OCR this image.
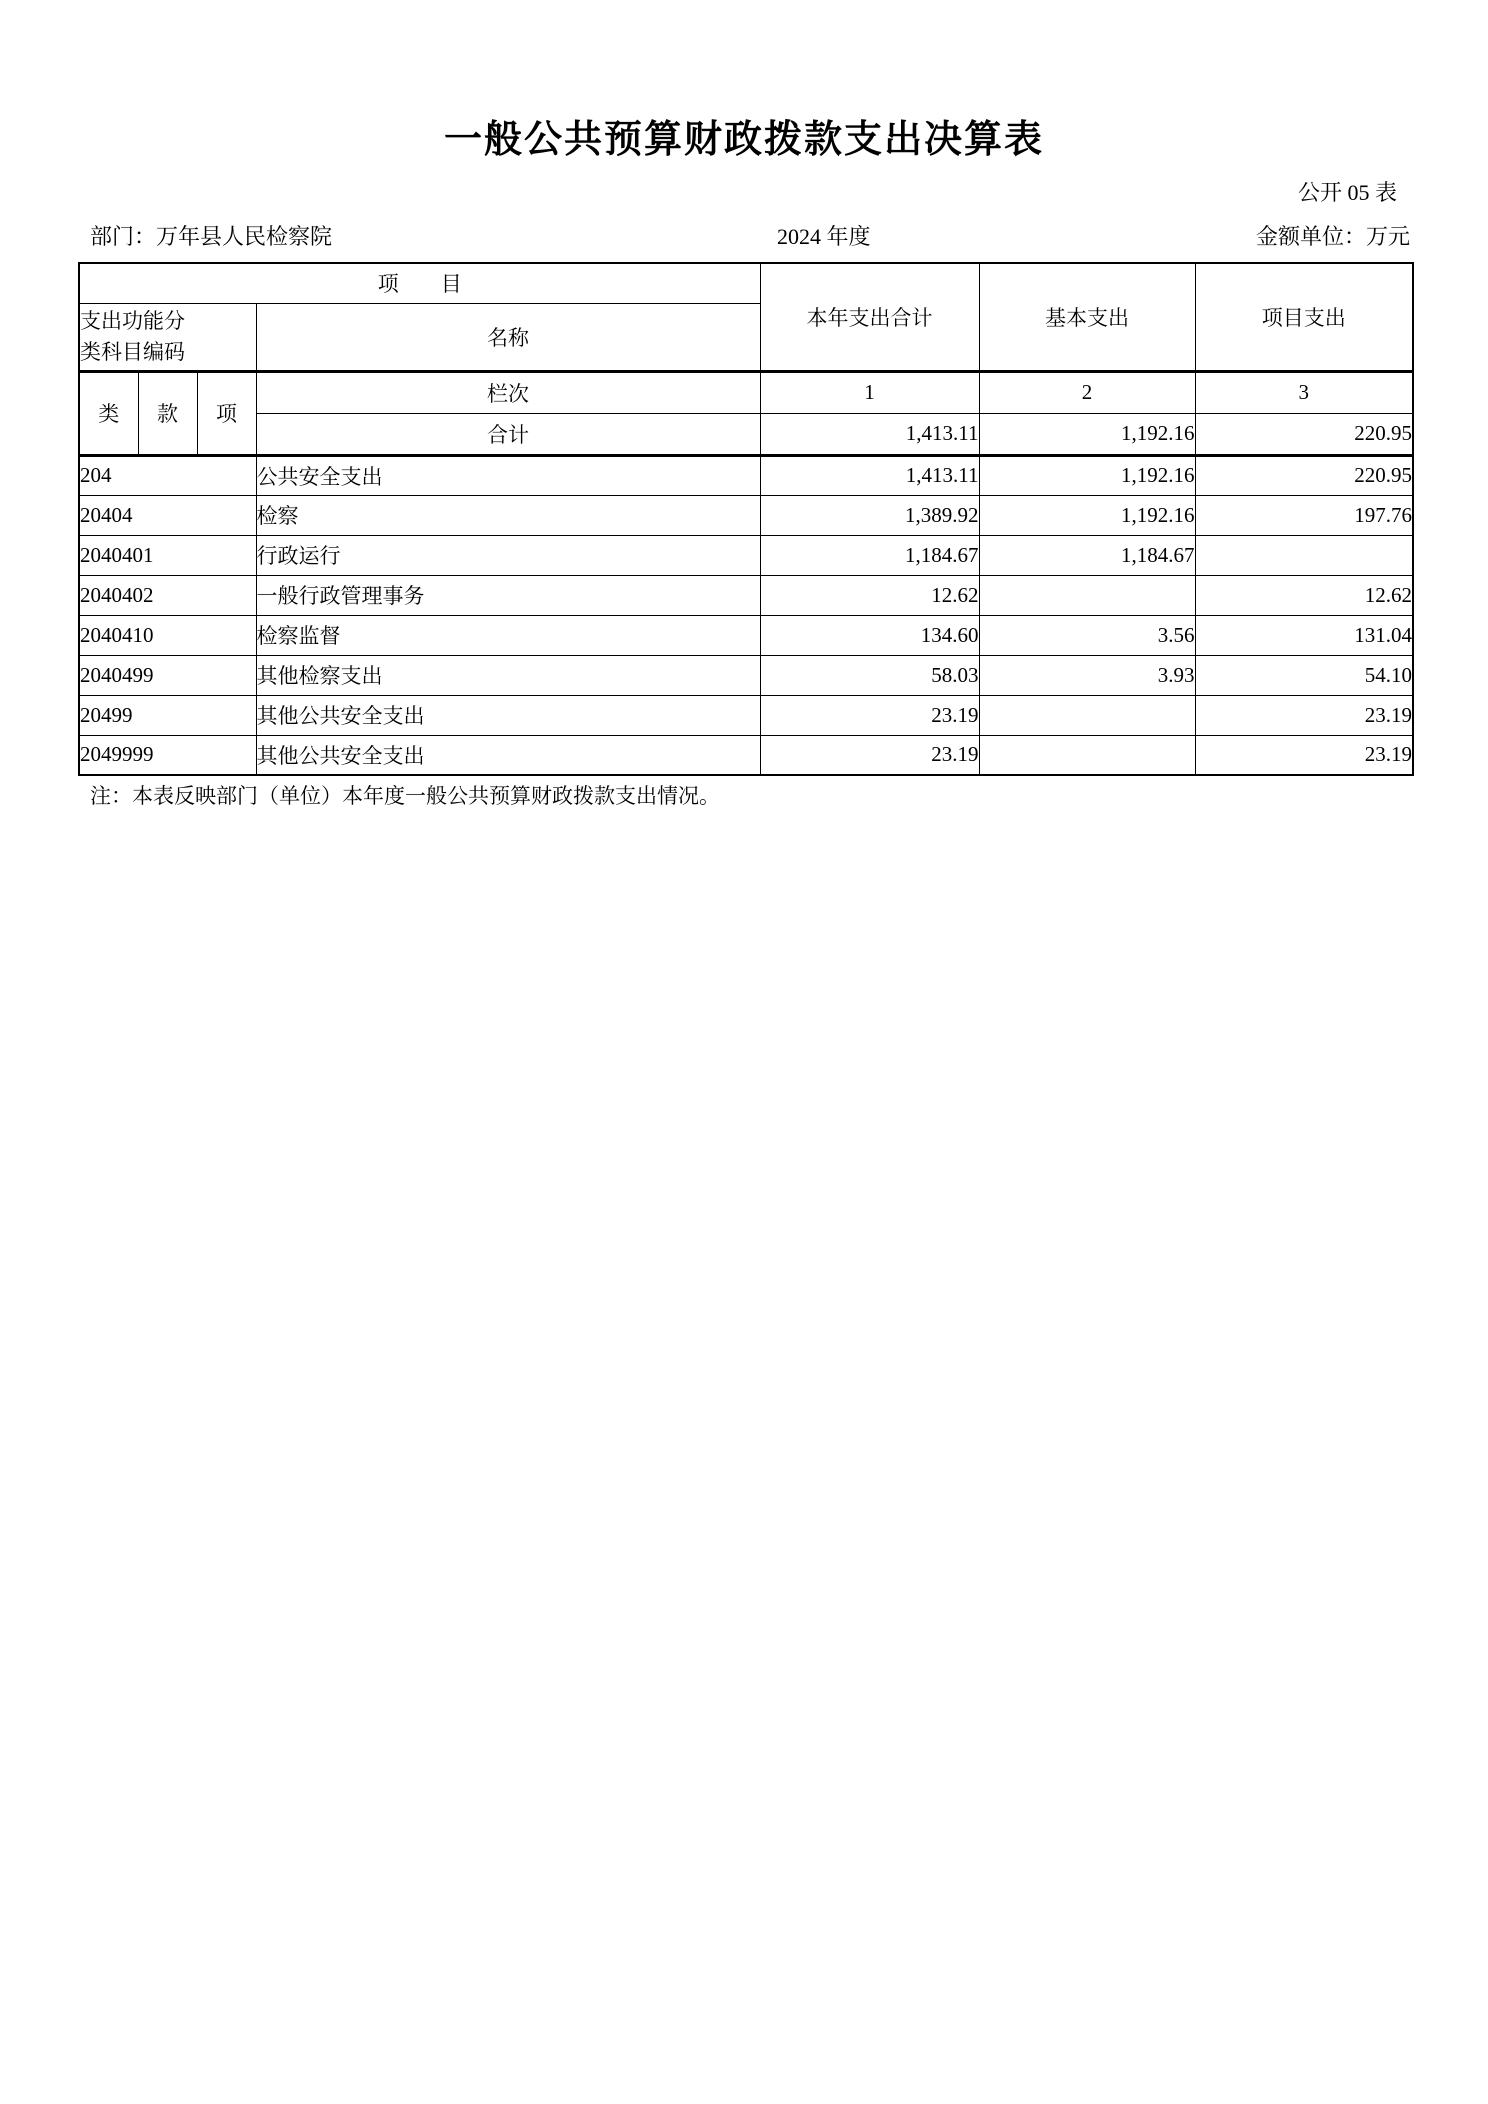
一般公共预算财政拨款支出决算表
公开 05 表
部门：万年县人民检察院	2024 年度	金额单位：万元
项　　目				本年支出合计	基本支出	项目支出
支出功能分
类科目编码			名称			
类	款	项	栏次	1	2	3
			合计	1,413.11	1,192.16	220.95
204			公共安全支出	1,413.11	1,192.16	220.95
20404			检察	1,389.92	1,192.16	197.76
2040401			行政运行	1,184.67	1,184.67	
2040402			一般行政管理事务	12.62		12.62
2040410			检察监督	134.60	3.56	131.04
2040499			其他检察支出	58.03	3.93	54.10
20499			其他公共安全支出	23.19		23.19
2049999			其他公共安全支出	23.19		23.19

注：本表反映部门（单位）本年度一般公共预算财政拨款支出情况。
